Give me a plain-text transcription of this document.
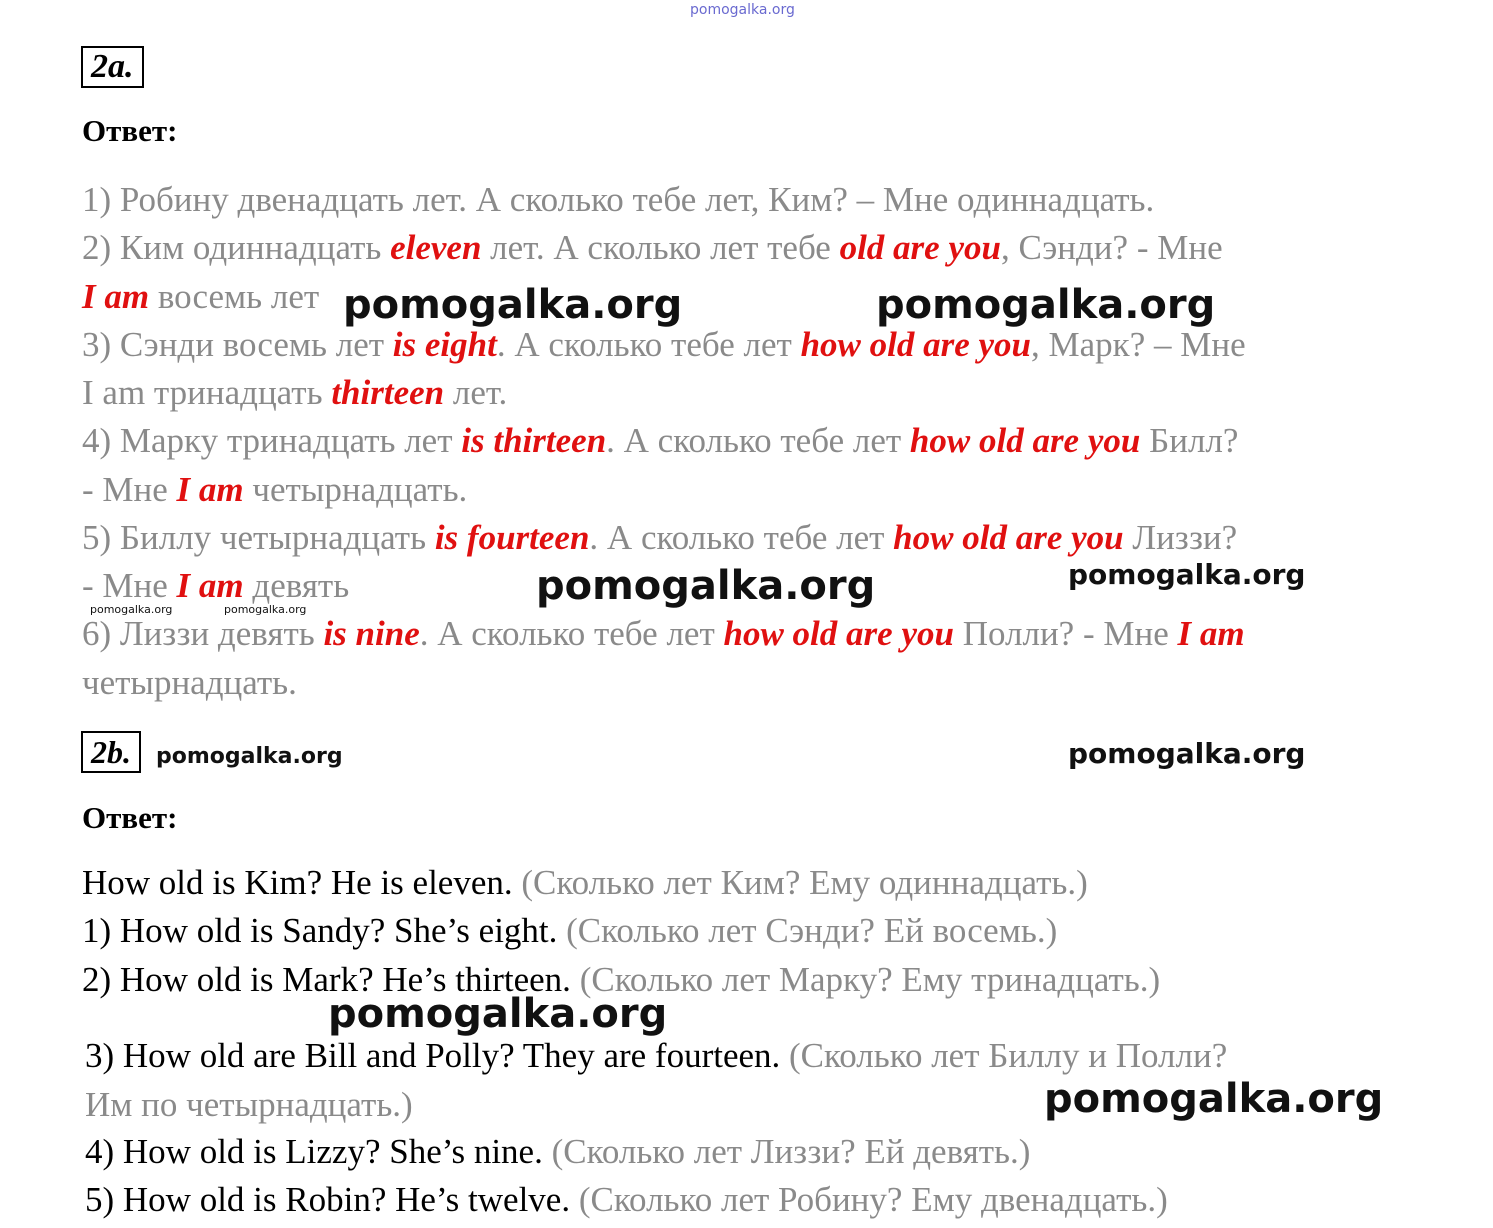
pomogalka.org
2a.
Ответ:
1) Робину двенадцать лет. А сколько тебе лет, Ким? – Мне одиннадцать.
2) Ким одиннадцать eleven лет. А сколько лет тебе old are you, Сэнди? - Мне
I am восемь лет
3) Сэнди восемь лет is eight. А сколько тебе лет how old are you, Марк? – Мне
I am тринадцать thirteen лет.
4) Марку тринадцать лет is thirteen. А сколько тебе лет how old are you Билл?
- Мне I am четырнадцать.
5) Биллу четырнадцать is fourteen. А сколько тебе лет how old are you Лиззи?
- Мне I am девять
6) Лиззи девять is nine. А сколько тебе лет how old are you Полли? - Мне I am
четырнадцать.
2b.
Ответ:
How old is Kim? He is eleven. (Сколько лет Ким? Ему одиннадцать.)
1) How old is Sandy? She’s eight. (Сколько лет Сэнди? Ей восемь.)
2) How old is Mark? He’s thirteen. (Сколько лет Марку? Ему тринадцать.)
3) How old are Bill and Polly? They are fourteen. (Сколько лет Биллу и Полли?
Им по четырнадцать.)
4) How old is Lizzy? She’s nine. (Сколько лет Лиззи? Ей девять.)
5) How old is Robin? He’s twelve. (Сколько лет Робину? Ему двенадцать.)
pomogalka.org	pomogalka.org
pomogalka.org	pomogalka.org
pomogalka.org	pomogalka.org
pomogalka.org	pomogalka.org
pomogalka.org
pomogalka.org
